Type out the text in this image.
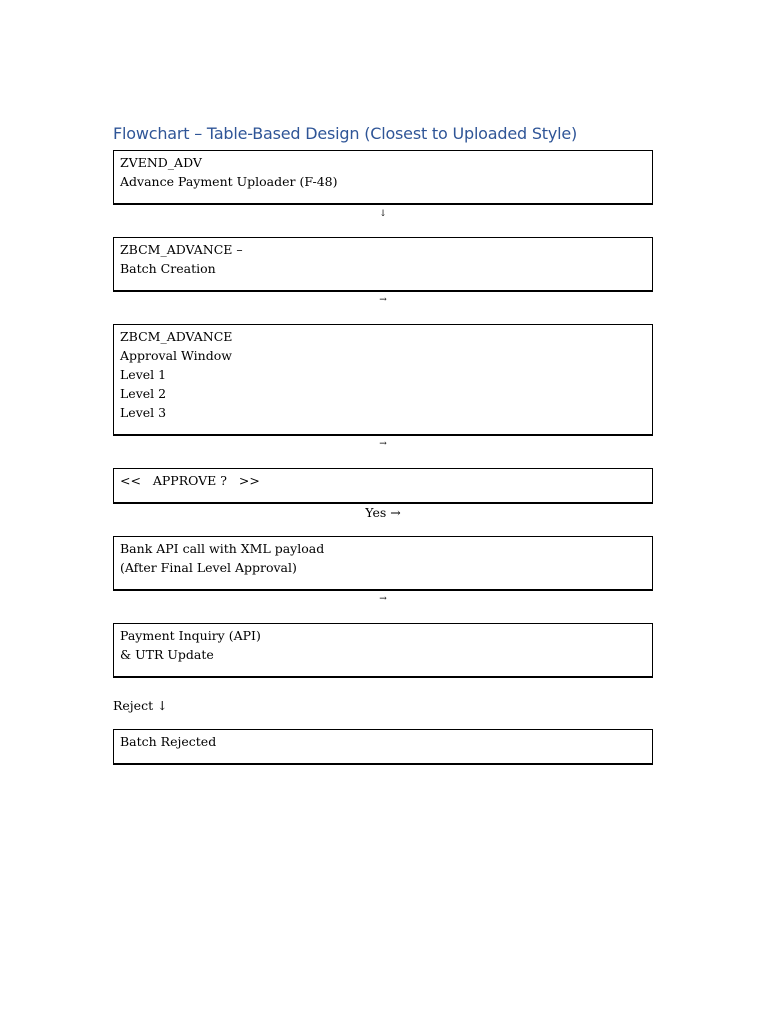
Flowchart – Table-Based Design (Closest to Uploaded Style)
ZVEND_ADV
Advance Payment Uploader (F-48)
↓
ZBCM_ADVANCE –
Batch Creation
→
ZBCM_ADVANCE
Approval Window
Level 1
Level 2
Level 3
→
<<   APPROVE ?   >>
Yes →
Bank API call with XML payload
(After Final Level Approval)
→
Payment Inquiry (API)
& UTR Update
Reject ↓
Batch Rejected
